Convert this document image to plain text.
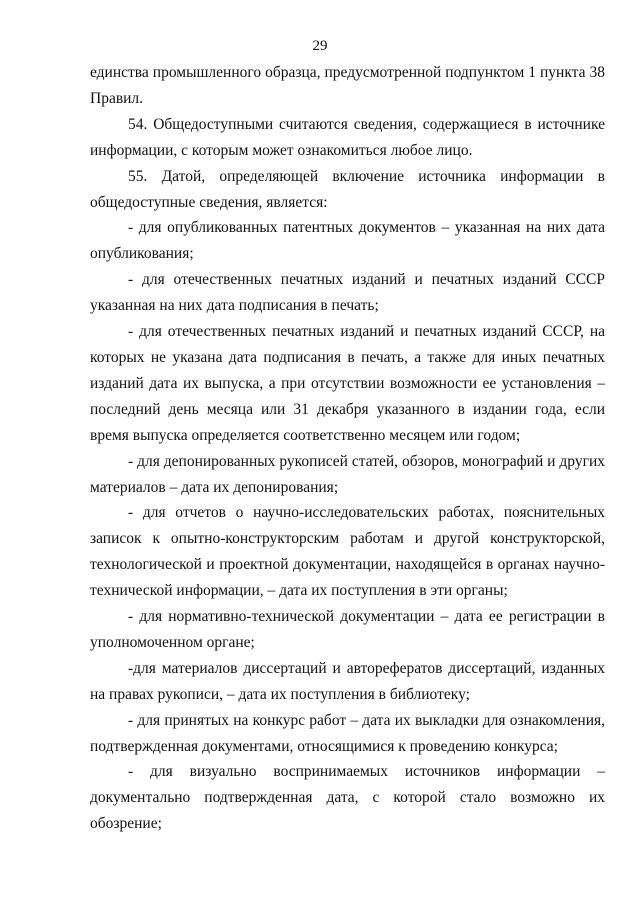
29

единства промышленного образца, предусмотренной подпунктом 1 пункта 38 Правил.

54. Общедоступными считаются сведения, содержащиеся в источнике информации, с которым может ознакомиться любое лицо.

55. Датой, определяющей включение источника информации в общедоступные сведения, является:

- для опубликованных патентных документов – указанная на них дата опубликования;

- для отечественных печатных изданий и печатных изданий СССР указанная на них дата подписания в печать;

- для отечественных печатных изданий и печатных изданий СССР, на которых не указана дата подписания в печать, а также для иных печатных изданий дата их выпуска, а при отсутствии возможности ее установления – последний день месяца или 31 декабря указанного в издании года, если время выпуска определяется соответственно месяцем или годом;

- для депонированных рукописей статей, обзоров, монографий и других материалов – дата их депонирования;

- для отчетов о научно-исследовательских работах, пояснительных записок к опытно-конструкторским работам и другой конструкторской, технологической и проектной документации, находящейся в органах научно-технической информации, – дата их поступления в эти органы;

- для нормативно-технической документации – дата ее регистрации в уполномоченном органе;

-для материалов диссертаций и авторефератов диссертаций, изданных на правах рукописи, – дата их поступления в библиотеку;

- для принятых на конкурс работ – дата их выкладки для ознакомления, подтвержденная документами, относящимися к проведению конкурса;

- для визуально воспринимаемых источников информации – документально подтвержденная дата, с которой стало возможно их обозрение;
